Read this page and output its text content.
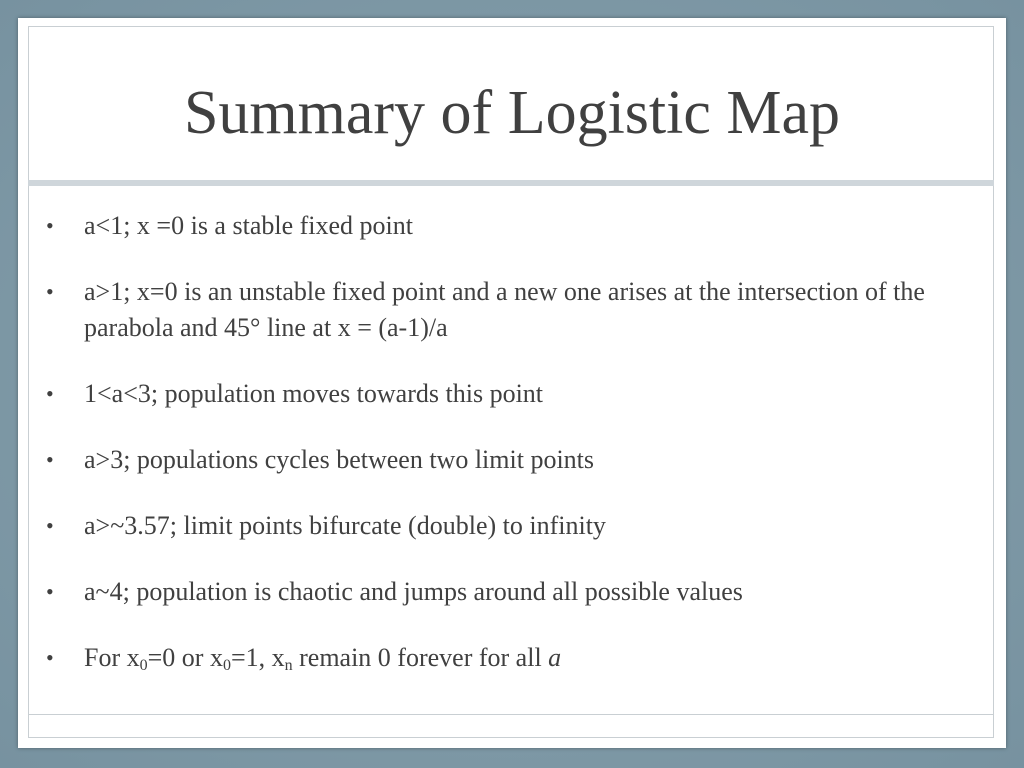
Summary of Logistic Map
•	a<1; x =0 is a stable fixed point
•	a>1; x=0 is an unstable fixed point and a new one arises at the intersection of the parabola and 45° line at x = (a-1)/a
•	1<a<3; population moves towards this point
•	a>3; populations cycles between two limit points
•	a>~3.57; limit points bifurcate (double) to infinity
•	a~4; population is chaotic and jumps around all possible values
•	For $x_0=0$ or $x_0=1$, $x_n$ remain 0 forever for all a
